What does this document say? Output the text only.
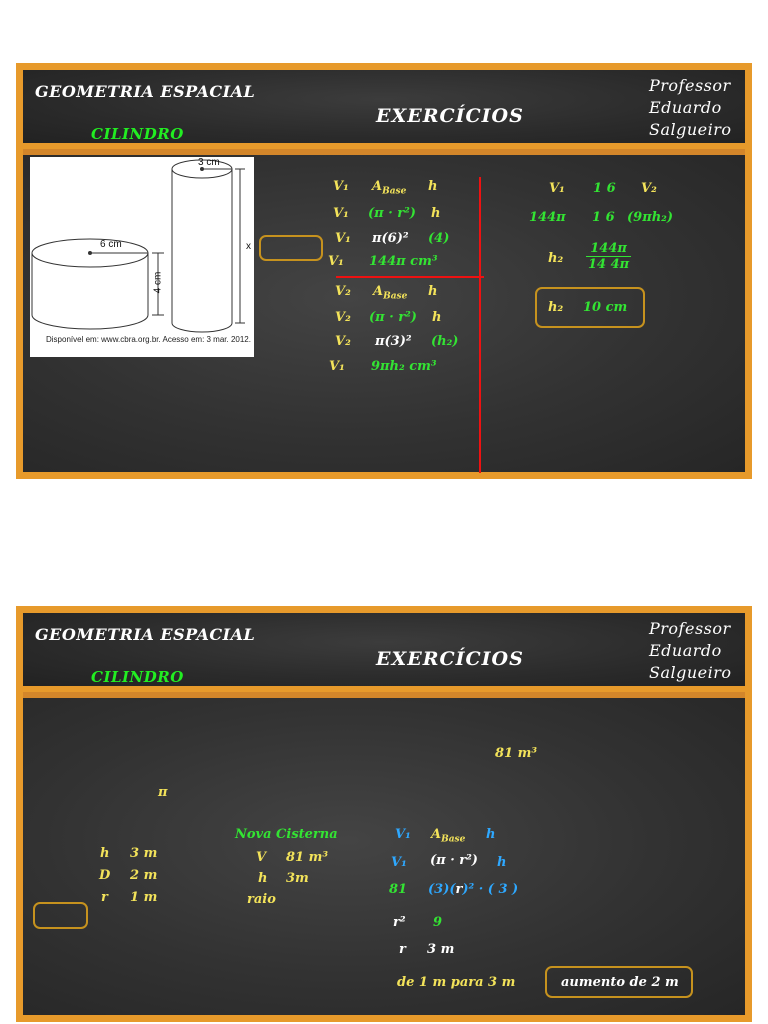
GEOMETRIA ESPACIAL
CILINDRO
EXERCÍCIOS
Professor
Eduardo
Salgueiro
3 cm
6 cm
4 cm
x
Disponível em: www.cbra.org.br. Acesso em: 3 mar. 2012.
V₁ $A_{Base}$ h
V₁ (π · r²) h
V₁ π(6)² (4)
V₁ 144π cm³
V₂ $A_{Base}$ h
V₂ (π · r²) h
V₂ π(3)² (h₂)
V₁ 9πh₂ cm³
V₁ 1 6 V₂
144π 1 6 (9πh₂)
$h_2 \frac{144\pi}{14 4\pi}$
h₂ 10 cm
GEOMETRIA ESPACIAL
CILINDRO
EXERCÍCIOS
Professor
Eduardo
Salgueiro
81 m³
π
h 3 m
D 2 m
r 1 m
Nova Cisterna
V 81 m³
h 3m
raio
V₁ $A_{Base}$ h
V₁ (π · r²) h
81 (3)(r)² · ( 3 )
r² 9
r 3 m
de 1 m para 3 m	aumento de 2 m
